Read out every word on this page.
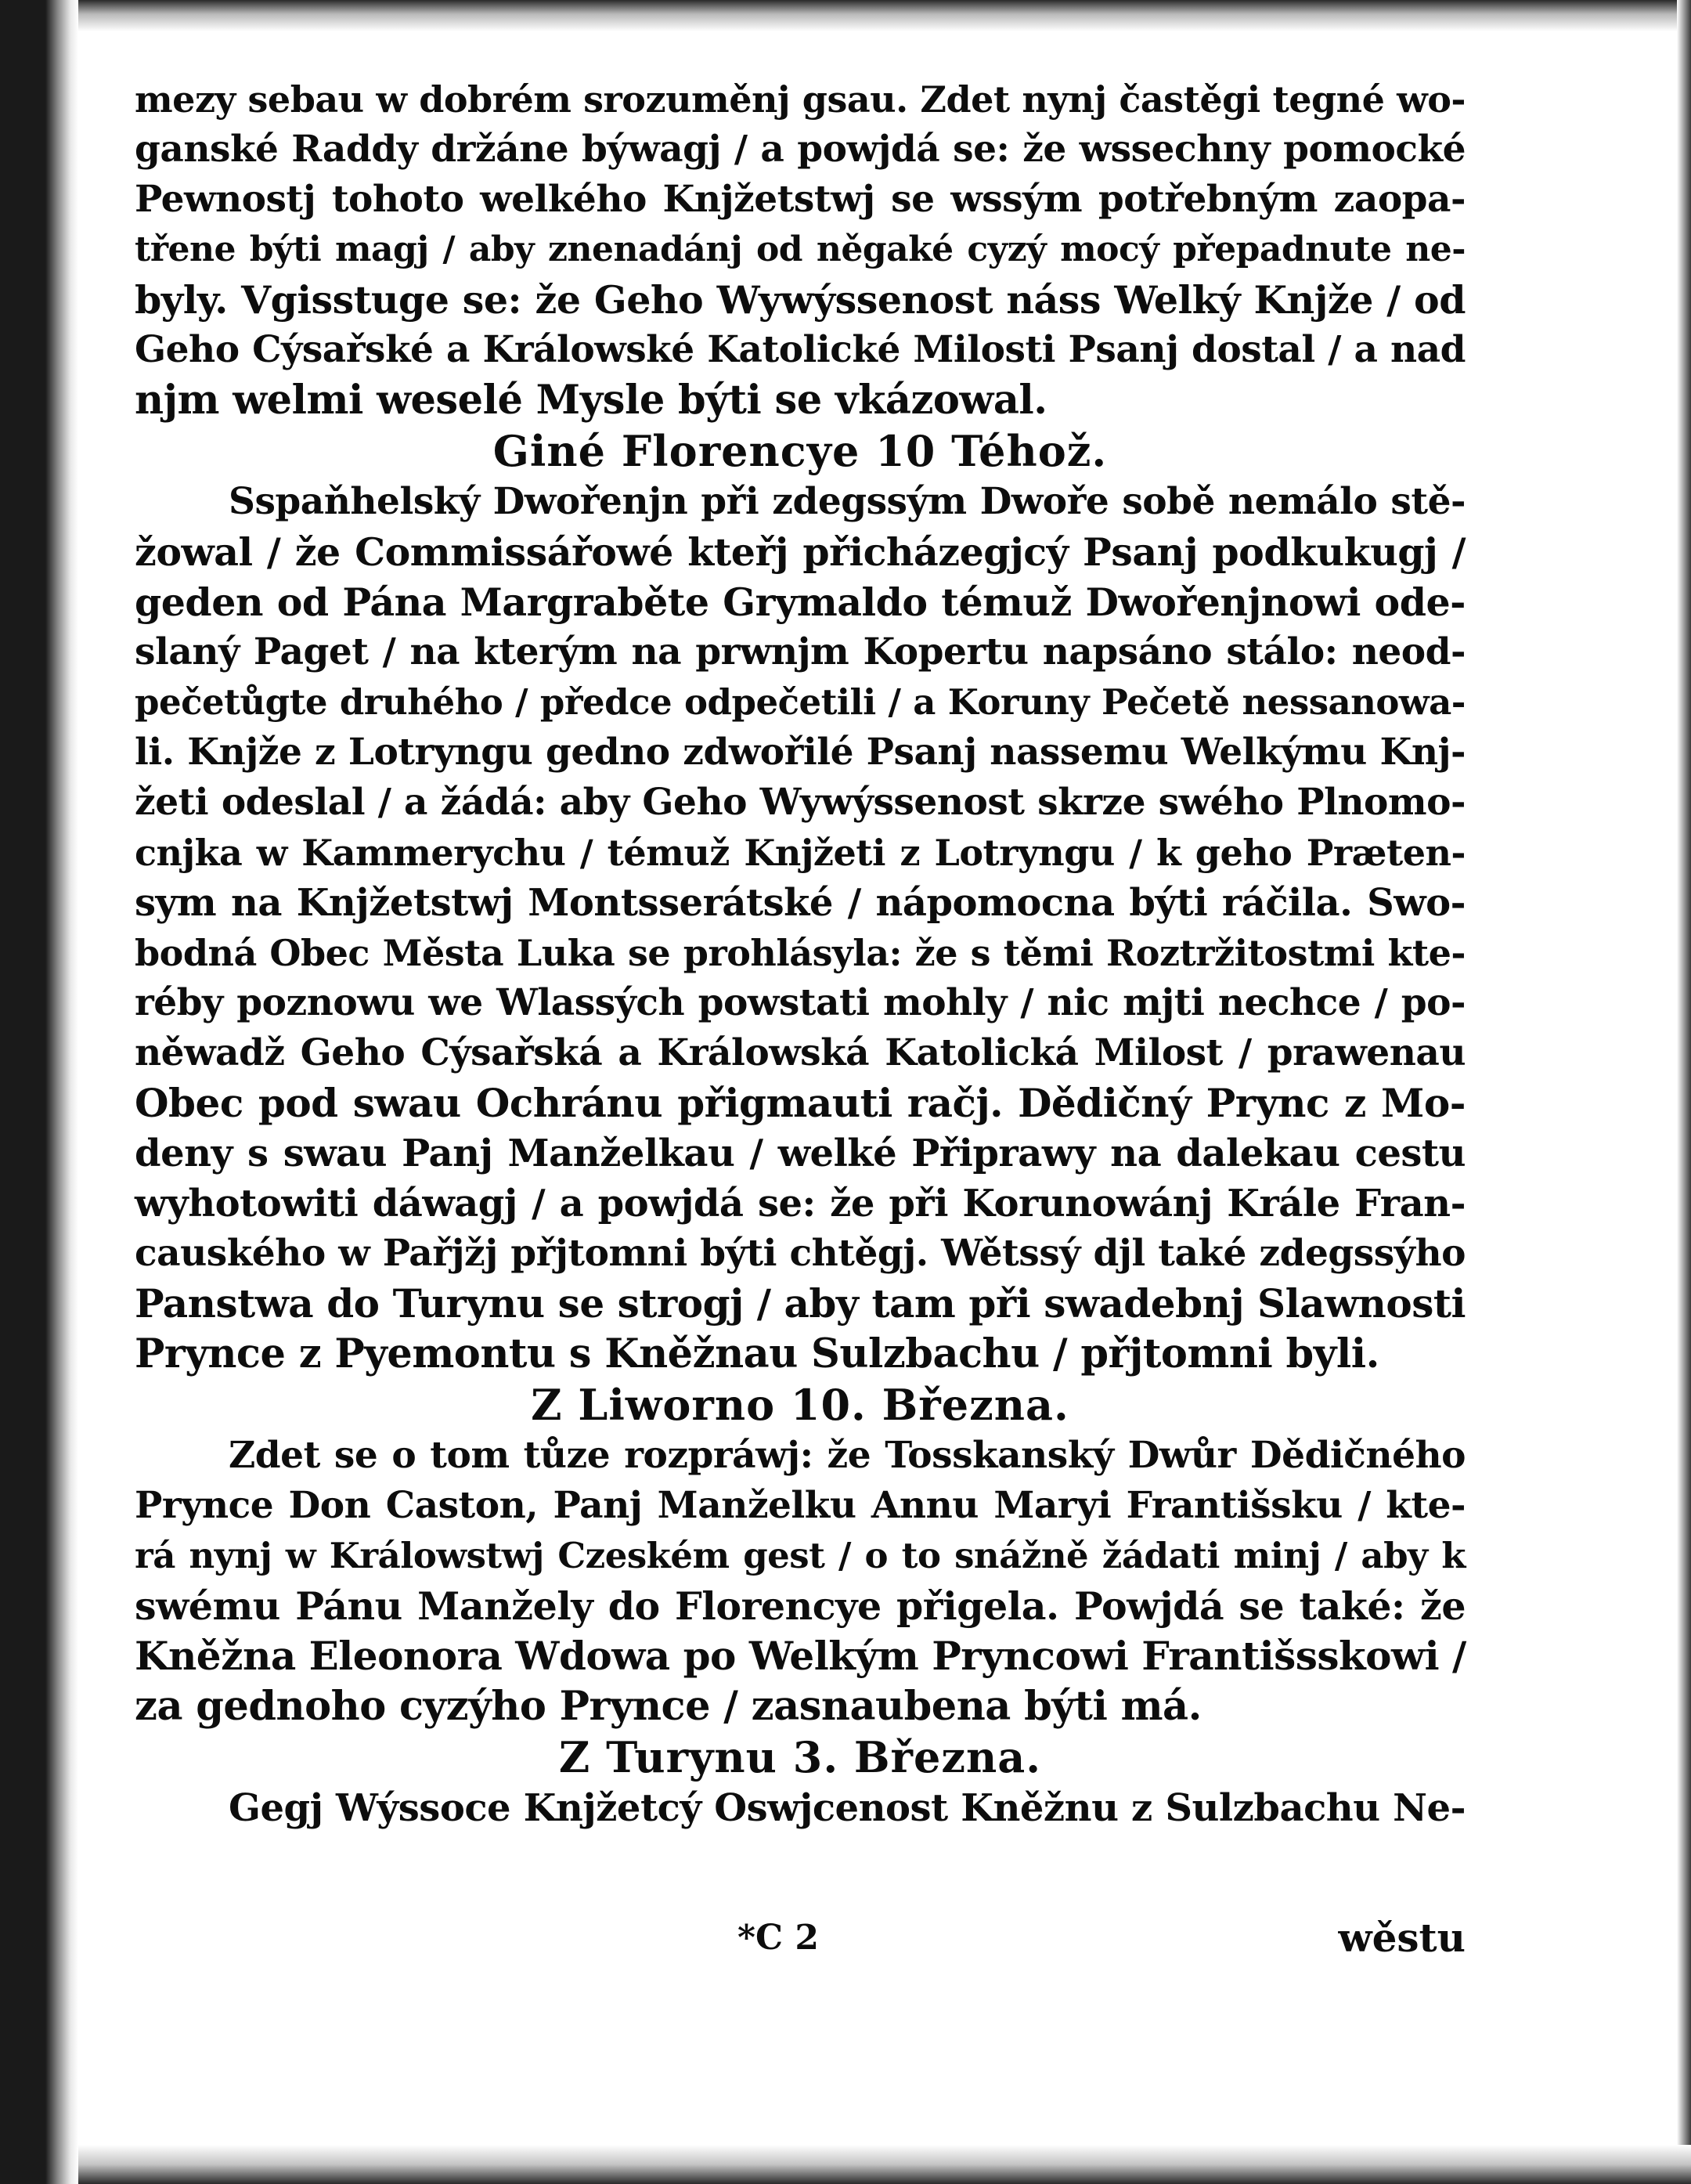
mezy sebau w dobrém srozuměnj gsau. Zdet nynj častěgi tegné wo-
ganské Raddy držáne býwagj / a powjdá se: že wssechny pomocké
Pewnostj tohoto welkého Knjžetstwj se wssým potřebným zaopa-
třene býti magj / aby znenadánj od něgaké cyzý mocý přepadnute ne-
byly. Vgisstuge se: že Geho Wywýssenost náss Welký Knjže / od
Geho Cýsařské a Králowské Katolické Milosti Psanj dostal / a nad
njm welmi weselé Mysle býti se vkázowal.
Giné Florencye 10 Téhož.
Sspaňhelský Dwořenjn při zdegssým Dwoře sobě nemálo stě-
žowal / že Commissářowé kteřj přicházegjcý Psanj podkukugj /
geden od Pána Margraběte Grymaldo témuž Dwořenjnowi ode-
slaný Paget / na kterým na prwnjm Kopertu napsáno stálo: neod-
pečetůgte druhého / předce odpečetili / a Koruny Pečetě nessanowa-
li. Knjže z Lotryngu gedno zdwořilé Psanj nassemu Welkýmu Knj-
žeti odeslal / a žádá: aby Geho Wywýssenost skrze swého Plnomo-
cnjka w Kammerychu / témuž Knjžeti z Lotryngu / k geho Præten-
sym na Knjžetstwj Montsserátské / nápomocna býti ráčila. Swo-
bodná Obec Města Luka se prohlásyla: že s těmi Roztržitostmi kte-
réby poznowu we Wlassých powstati mohly / nic mjti nechce / po-
něwadž Geho Cýsařská a Králowská Katolická Milost / prawenau
Obec pod swau Ochránu přigmauti račj. Dědičný Prync z Mo-
deny s swau Panj Manželkau / welké Připrawy na dalekau cestu
wyhotowiti dáwagj / a powjdá se: že při Korunowánj Krále Fran-
cauského w Pařjžj přjtomni býti chtěgj. Wětssý djl také zdegssýho
Panstwa do Turynu se strogj / aby tam při swadebnj Slawnosti
Prynce z Pyemontu s Kněžnau Sulzbachu / přjtomni byli.
Z Liworno 10. Března.
Zdet se o tom tůze rozpráwj: že Tosskanský Dwůr Dědičného
Prynce Don Caston, Panj Manželku Annu Maryi Františsku / kte-
rá nynj w Králowstwj Czeském gest / o to snážně žádati minj / aby k
swému Pánu Manžely do Florencye přigela. Powjdá se také: že
Kněžna Eleonora Wdowa po Welkým Pryncowi Františsskowi /
za gednoho cyzýho Prynce / zasnaubena býti má.
Z Turynu 3. Března.
Gegj Wýssoce Knjžetcý Oswjcenost Kněžnu z Sulzbachu Ne-
*C 2	wěstu
